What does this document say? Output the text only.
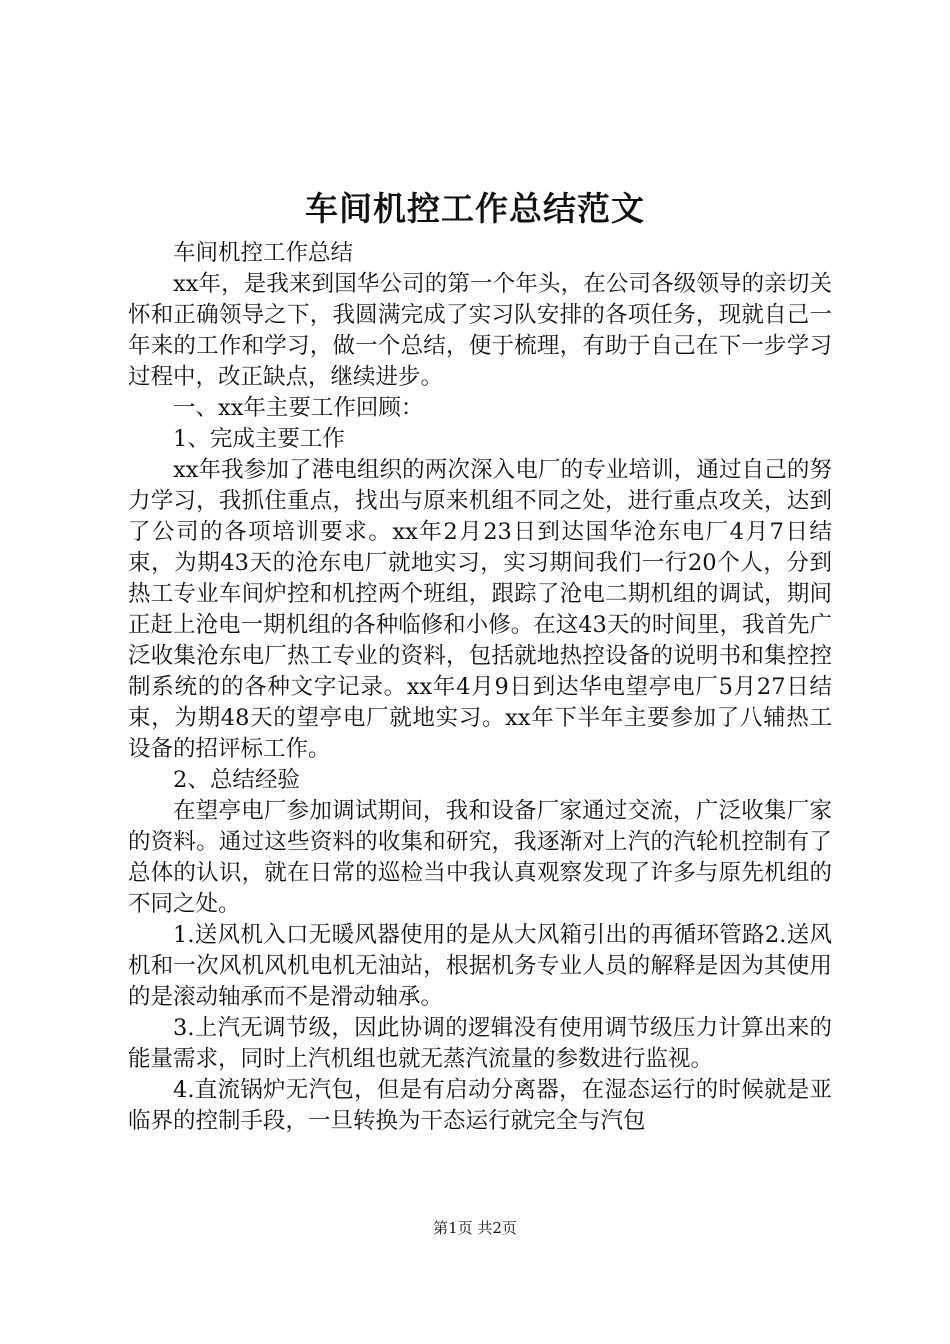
车间机控工作总结范文

车间机控工作总结

xx年，是我来到国华公司的第一个年头，在公司各级领导的亲切关怀和正确领导之下，我圆满完成了实习队安排的各项任务，现就自己一年来的工作和学习，做一个总结，便于梳理，有助于自己在下一步学习过程中，改正缺点，继续进步。

一、xx年主要工作回顾：

1、完成主要工作

xx年我参加了港电组织的两次深入电厂的专业培训，通过自己的努力学习，我抓住重点，找出与原来机组不同之处，进行重点攻关，达到了公司的各项培训要求。xx年2月23日到达国华沧东电厂4月7日结束，为期43天的沧东电厂就地实习，实习期间我们一行20个人，分到热工专业车间炉控和机控两个班组，跟踪了沧电二期机组的调试，期间正赶上沧电一期机组的各种临修和小修。在这43天的时间里，我首先广泛收集沧东电厂热工专业的资料，包括就地热控设备的说明书和集控控制系统的的各种文字记录。xx年4月9日到达华电望亭电厂5月27日结束，为期48天的望亭电厂就地实习。xx年下半年主要参加了八辅热工设备的招评标工作。

2、总结经验

在望亭电厂参加调试期间，我和设备厂家通过交流，广泛收集厂家的资料。通过这些资料的收集和研究，我逐渐对上汽的汽轮机控制有了总体的认识，就在日常的巡检当中我认真观察发现了许多与原先机组的不同之处。

1.送风机入口无暖风器使用的是从大风箱引出的再循环管路2.送风机和一次风机风机电机无油站，根据机务专业人员的解释是因为其使用的是滚动轴承而不是滑动轴承。

3.上汽无调节级，因此协调的逻辑没有使用调节级压力计算出来的能量需求，同时上汽机组也就无蒸汽流量的参数进行监视。

4.直流锅炉无汽包，但是有启动分离器，在湿态运行的时候就是亚临界的控制手段，一旦转换为干态运行就完全与汽包

第1页 共2页
